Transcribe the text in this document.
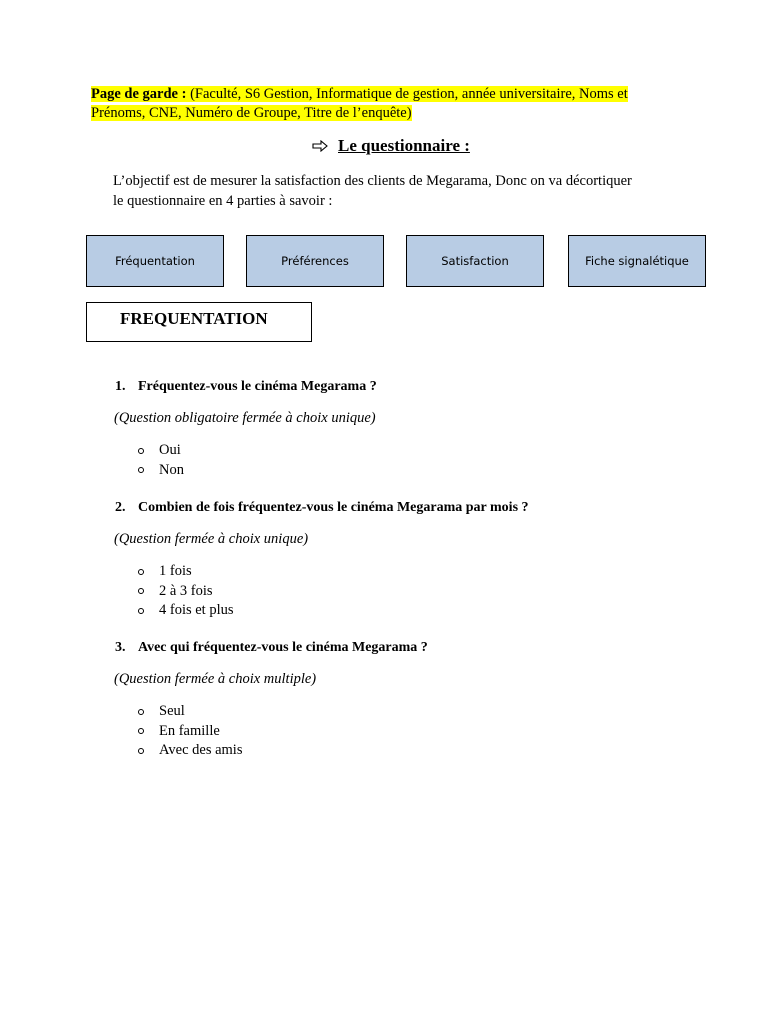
Page de garde : (Faculté, S6 Gestion, Informatique de gestion, année universitaire, Noms et
Prénoms, CNE, Numéro de Groupe, Titre de l’enquête)
Le questionnaire :
L’objectif est de mesurer la satisfaction des clients de Megarama, Donc on va décortiquer
le questionnaire en 4 parties à savoir :
Fréquentation	Préférences	Satisfaction	Fiche signalétique
FREQUENTATION
1. Fréquentez-vous le cinéma Megarama ?
(Question obligatoire fermée à choix unique)
Oui
Non
2. Combien de fois fréquentez-vous le cinéma Megarama par mois ?
(Question fermée à choix unique)
1 fois
2 à 3 fois
4 fois et plus
3. Avec qui fréquentez-vous le cinéma Megarama ?
(Question fermée à choix multiple)
Seul
En famille
Avec des amis
